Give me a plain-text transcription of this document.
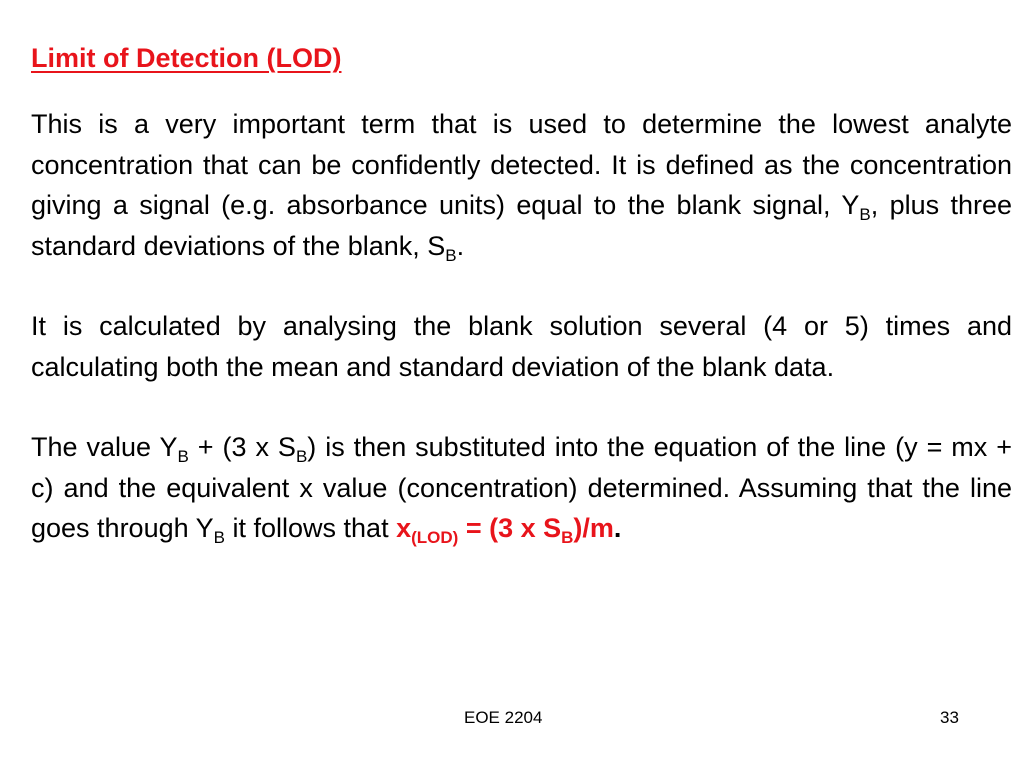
Limit of Detection (LOD)

This is a very important term that is used to determine the lowest analyte concentration that can be confidently detected. It is defined as the concentration giving a signal (e.g. absorbance units) equal to the blank signal, $Y_B$, plus three standard deviations of the blank, $S_B$.

It is calculated by analysing the blank solution several (4 or 5) times and calculating both the mean and standard deviation of the blank data.

The value $Y_B + (3$ x $S_B$) is then substituted into the equation of the line (y = mx + c) and the equivalent x value (concentration) determined. Assuming that the line goes through $Y_B$ it follows that $x_{(LOD)} = (3$ x $S_B)/m$.

EOE 2204	33
